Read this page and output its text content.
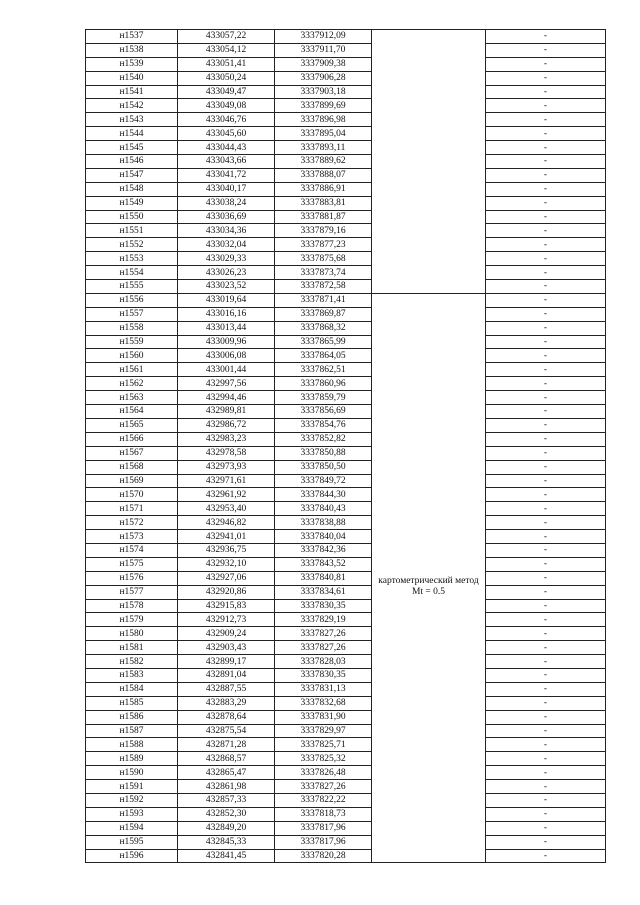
н1537	433057,22	3337912,09		-
н1538	433054,12	3337911,70		-
н1539	433051,41	3337909,38		-
н1540	433050,24	3337906,28		-
н1541	433049,47	3337903,18		-
н1542	433049,08	3337899,69		-
н1543	433046,76	3337896,98		-
н1544	433045,60	3337895,04		-
н1545	433044,43	3337893,11		-
н1546	433043,66	3337889,62		-
н1547	433041,72	3337888,07		-
н1548	433040,17	3337886,91		-
н1549	433038,24	3337883,81		-
н1550	433036,69	3337881,87		-
н1551	433034,36	3337879,16		-
н1552	433032,04	3337877,23		-
н1553	433029,33	3337875,68		-
н1554	433026,23	3337873,74		-
н1555	433023,52	3337872,58		-
н1556	433019,64	3337871,41	картометрический метод Mt = 0.5	-
н1557	433016,16	3337869,87		-
н1558	433013,44	3337868,32		-
н1559	433009,96	3337865,99		-
н1560	433006,08	3337864,05		-
н1561	433001,44	3337862,51		-
н1562	432997,56	3337860,96		-
н1563	432994,46	3337859,79		-
н1564	432989,81	3337856,69		-
н1565	432986,72	3337854,76		-
н1566	432983,23	3337852,82		-
н1567	432978,58	3337850,88		-
н1568	432973,93	3337850,50		-
н1569	432971,61	3337849,72		-
н1570	432961,92	3337844,30		-
н1571	432953,40	3337840,43		-
н1572	432946,82	3337838,88		-
н1573	432941,01	3337840,04		-
н1574	432936,75	3337842,36		-
н1575	432932,10	3337843,52		-
н1576	432927,06	3337840,81		-
н1577	432920,86	3337834,61		-
н1578	432915,83	3337830,35		-
н1579	432912,73	3337829,19		-
н1580	432909,24	3337827,26		-
н1581	432903,43	3337827,26		-
н1582	432899,17	3337828,03		-
н1583	432891,04	3337830,35		-
н1584	432887,55	3337831,13		-
н1585	432883,29	3337832,68		-
н1586	432878,64	3337831,90		-
н1587	432875,54	3337829,97		-
н1588	432871,28	3337825,71		-
н1589	432868,57	3337825,32		-
н1590	432865,47	3337826,48		-
н1591	432861,98	3337827,26		-
н1592	432857,33	3337822,22		-
н1593	432852,30	3337818,73		-
н1594	432849,20	3337817,96		-
н1595	432845,33	3337817,96		-
н1596	432841,45	3337820,28		-
